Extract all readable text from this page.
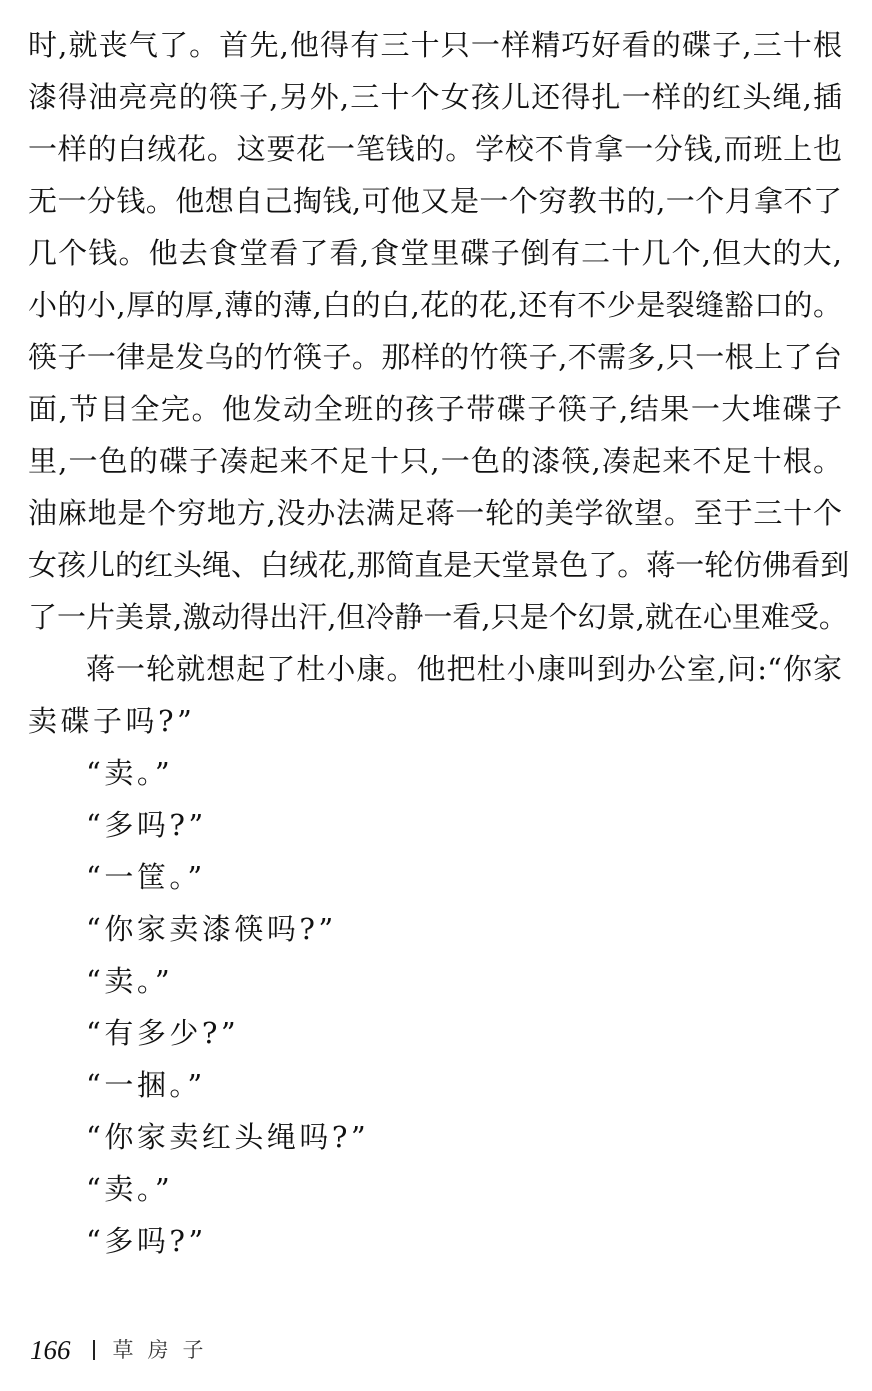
时,就丧气了。首先,他得有三十只一样精巧好看的碟子,三十根
漆得油亮亮的筷子,另外,三十个女孩儿还得扎一样的红头绳,插
一样的白绒花。这要花一笔钱的。学校不肯拿一分钱,而班上也
无一分钱。他想自己掏钱,可他又是一个穷教书的,一个月拿不了
几个钱。他去食堂看了看,食堂里碟子倒有二十几个,但大的大,
小的小,厚的厚,薄的薄,白的白,花的花,还有不少是裂缝豁口的。
筷子一律是发乌的竹筷子。那样的竹筷子,不需多,只一根上了台
面,节目全完。他发动全班的孩子带碟子筷子,结果一大堆碟子
里,一色的碟子凑起来不足十只,一色的漆筷,凑起来不足十根。
油麻地是个穷地方,没办法满足蒋一轮的美学欲望。至于三十个
女孩儿的红头绳、白绒花,那简直是天堂景色了。蒋一轮仿佛看到
了一片美景,激动得出汗,但冷静一看,只是个幻景,就在心里难受。
蒋一轮就想起了杜小康。他把杜小康叫到办公室,问:“你家
卖碟子吗?”
“卖。”
“多吗?”
“一筐。”
“你家卖漆筷吗?”
“卖。”
“有多少?”
“一捆。”
“你家卖红头绳吗?”
“卖。”
“多吗?”
166 草房子
